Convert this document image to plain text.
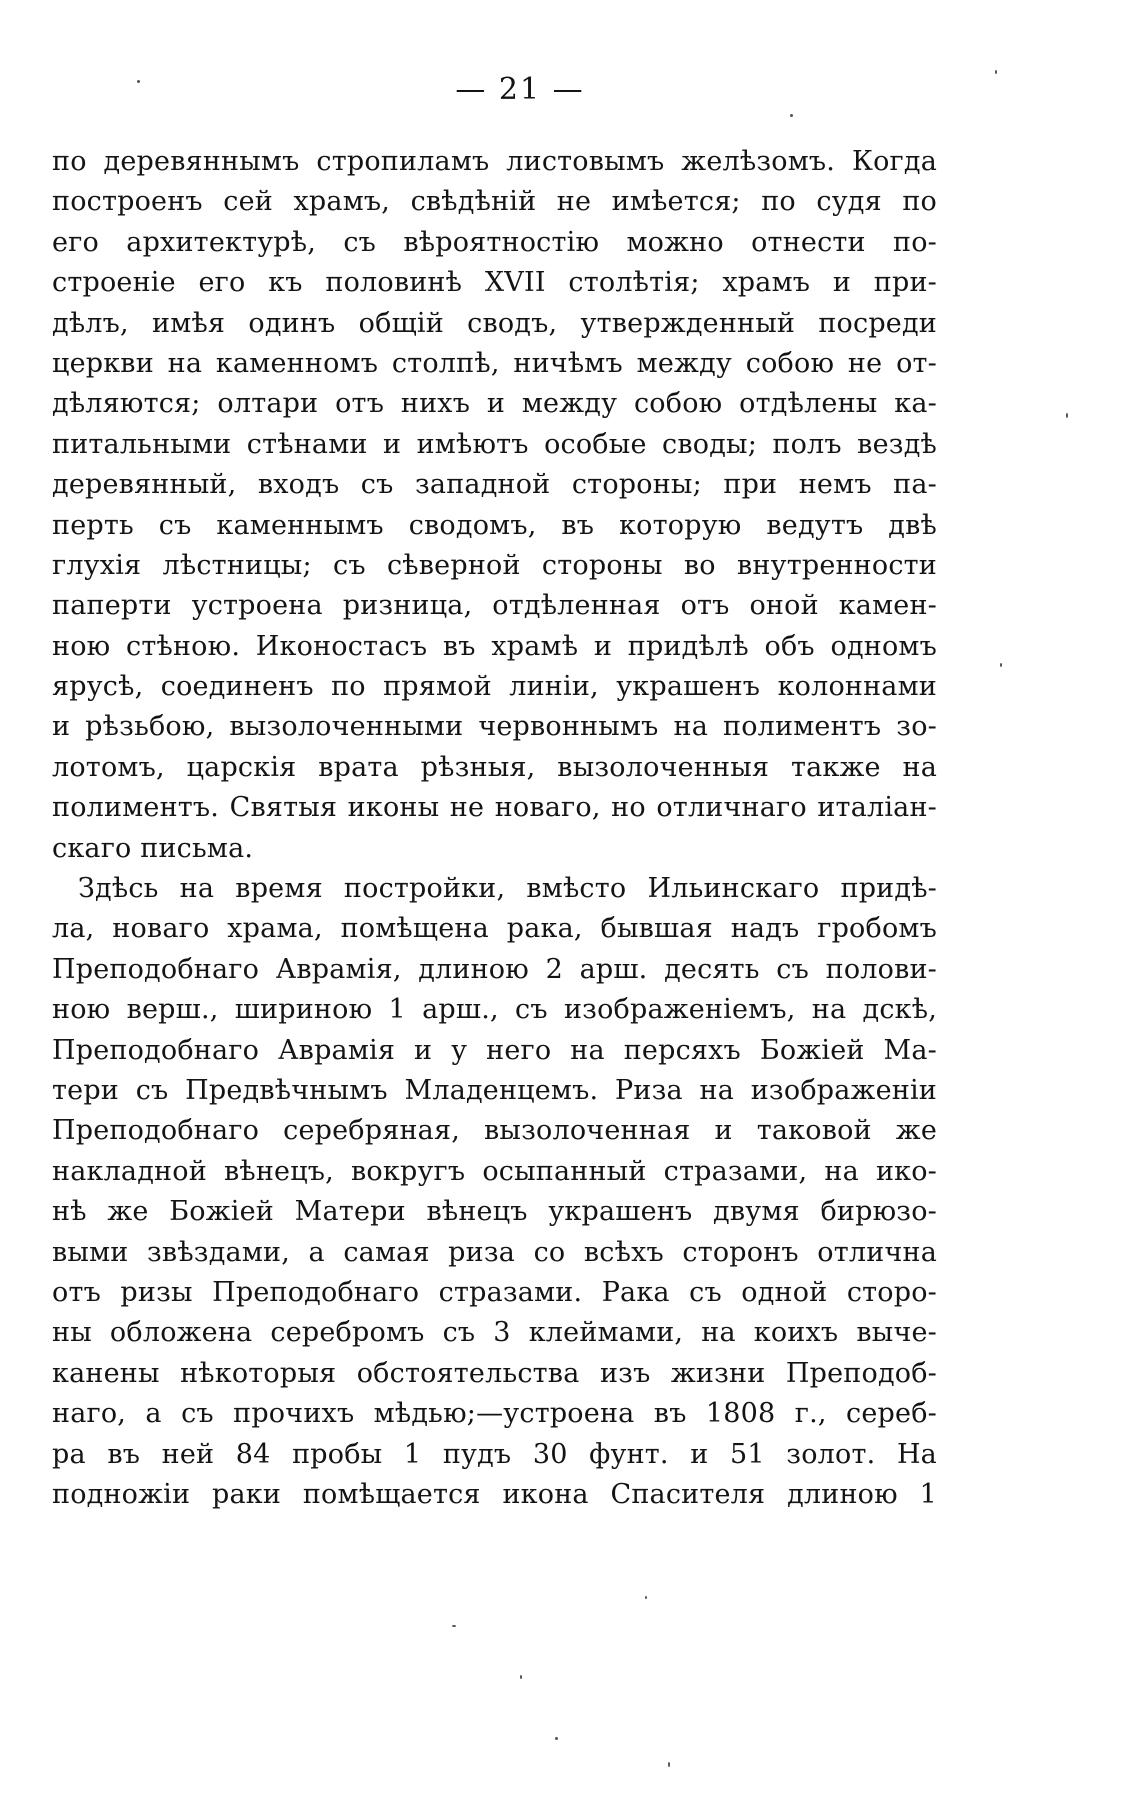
— 21 —
по деревяннымъ стропиламъ листовымъ желѣзомъ. Когда
построенъ сей храмъ, свѣдѣній не имѣется; по судя по
его архитектурѣ, съ вѣроятностію можно отнести по-
строеніе его къ половинѣ XVII столѣтія; храмъ и при-
дѣлъ, имѣя одинъ общій сводъ, утвержденный посреди
церкви на каменномъ столпѣ, ничѣмъ между собою не от-
дѣляются; олтари отъ нихъ и между собою отдѣлены ка-
питальными стѣнами и имѣютъ особые своды; полъ вездѣ
деревянный, входъ съ западной стороны; при немъ па-
перть съ каменнымъ сводомъ, въ которую ведутъ двѣ
глухія лѣстницы; съ сѣверной стороны во внутренности
паперти устроена ризница, отдѣленная отъ оной камен-
ною стѣною. Иконостасъ въ храмѣ и придѣлѣ объ одномъ
ярусѣ, соединенъ по прямой линіи, украшенъ колоннами
и рѣзьбою, вызолоченными червоннымъ на полиментъ зо-
лотомъ, царскія врата рѣзныя, вызолоченныя также на
полиментъ. Святыя иконы не новаго, но отличнаго италіан-
скаго письма.
Здѣсь на время постройки, вмѣсто Ильинскаго придѣ-
ла, новаго храма, помѣщена рака, бывшая надъ гробомъ
Преподобнаго Аврамія, длиною 2 арш. десять съ полови-
ною верш., шириною 1 арш., съ изображеніемъ, на дскѣ,
Преподобнаго Аврамія и у него на персяхъ Божіей Ма-
тери съ Предвѣчнымъ Младенцемъ. Риза на изображеніи
Преподобнаго серебряная, вызолоченная и таковой же
накладной вѣнецъ, вокругъ осыпанный стразами, на ико-
нѣ же Божіей Матери вѣнецъ украшенъ двумя бирюзо-
выми звѣздами, а самая риза со всѣхъ сторонъ отлична
отъ ризы Преподобнаго стразами. Рака съ одной сторо-
ны обложена серебромъ съ 3 клеймами, на коихъ выче-
канены нѣкоторыя обстоятельства изъ жизни Преподоб-
наго, а съ прочихъ мѣдью;—устроена въ 1808 г., сереб-
ра въ ней 84 пробы 1 пудъ 30 фунт. и 51 золот. На
подножіи раки помѣщается икона Спасителя длиною 1
